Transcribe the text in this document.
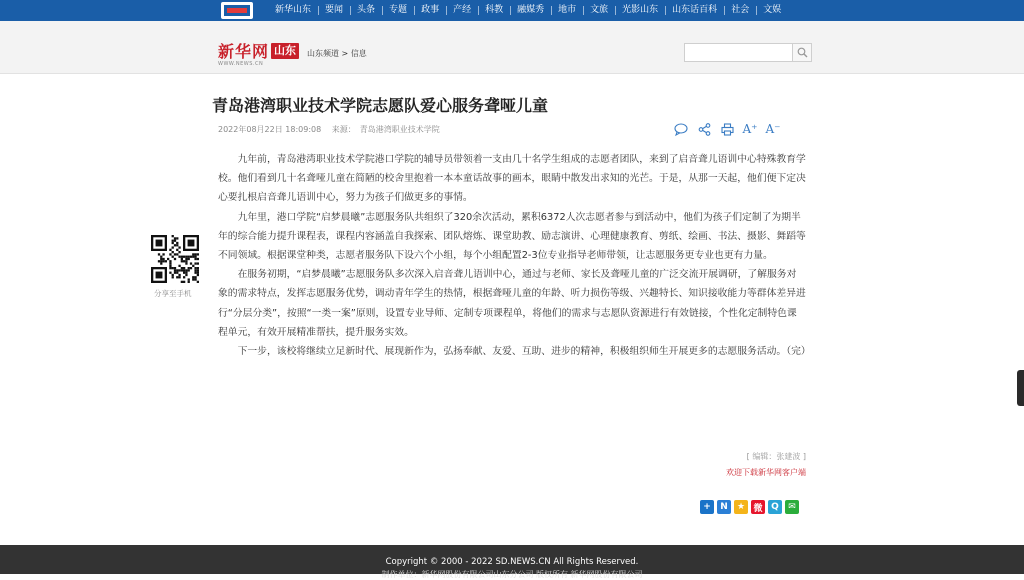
新华山东	要闻	头条	专题	政事	产经	科教	融媒秀	地市	文旅	光影山东	山东话百科	社会	文娱
新华网 山东
WWW.NEWS.CN
山东频道 > 信息
青岛港湾职业技术学院志愿队爱心服务聋哑儿童
2022年08月22日 18:09:08 来源： 青岛港湾职业技术学院	A⁺ A⁻

九年前，青岛港湾职业技术学院港口学院的辅导员带领着一支由几十名学生组成的志愿者团队，来到了启音聋儿语训中心特殊教育学校。他们看到几十名聋哑儿童在简陋的校舍里抱着一本本童话故事的画本，眼睛中散发出求知的光芒。于是，从那一天起，他们便下定决心要扎根启音聋儿语训中心，努力为孩子们做更多的事情。

九年里，港口学院“启梦晨曦”志愿服务队共组织了320余次活动，累积6372人次志愿者参与到活动中，他们为孩子们定制了为期半年的综合能力提升课程表，课程内容涵盖自我探索、团队熔炼、课堂助教、励志演讲、心理健康教育、剪纸、绘画、书法、摄影、舞蹈等不同领域。根据课堂种类，志愿者服务队下设六个小组，每个小组配置2-3位专业指导老师带领，让志愿服务更专业也更有力量。

在服务初期，“启梦晨曦”志愿服务队多次深入启音聋儿语训中心，通过与老师、家长及聋哑儿童的广泛交流开展调研，了解服务对象的需求特点，发挥志愿服务优势，调动青年学生的热情，根据聋哑儿童的年龄、听力损伤等级、兴趣特长、知识接收能力等群体差异进行“分层分类”，按照“一类一案”原则，设置专业导师、定制专项课程单，将他们的需求与志愿队资源进行有效链接，个性化定制特色课程单元，有效开展精准帮扶，提升服务实效。

下一步，该校将继续立足新时代、展现新作为，弘扬奉献、友爱、互助、进步的精神，积极组织师生开展更多的志愿服务活动。（完）

分享至手机
[ 编辑：张建波 ]
欢迎下载新华网客户端
+	N	★ 微 Q	✉
Copyright © 2000 - 2022 SD.NEWS.CN All Rights Reserved.
制作单位：新华网股份有限公司山东分公司 版权所有 新华网股份有限公司
